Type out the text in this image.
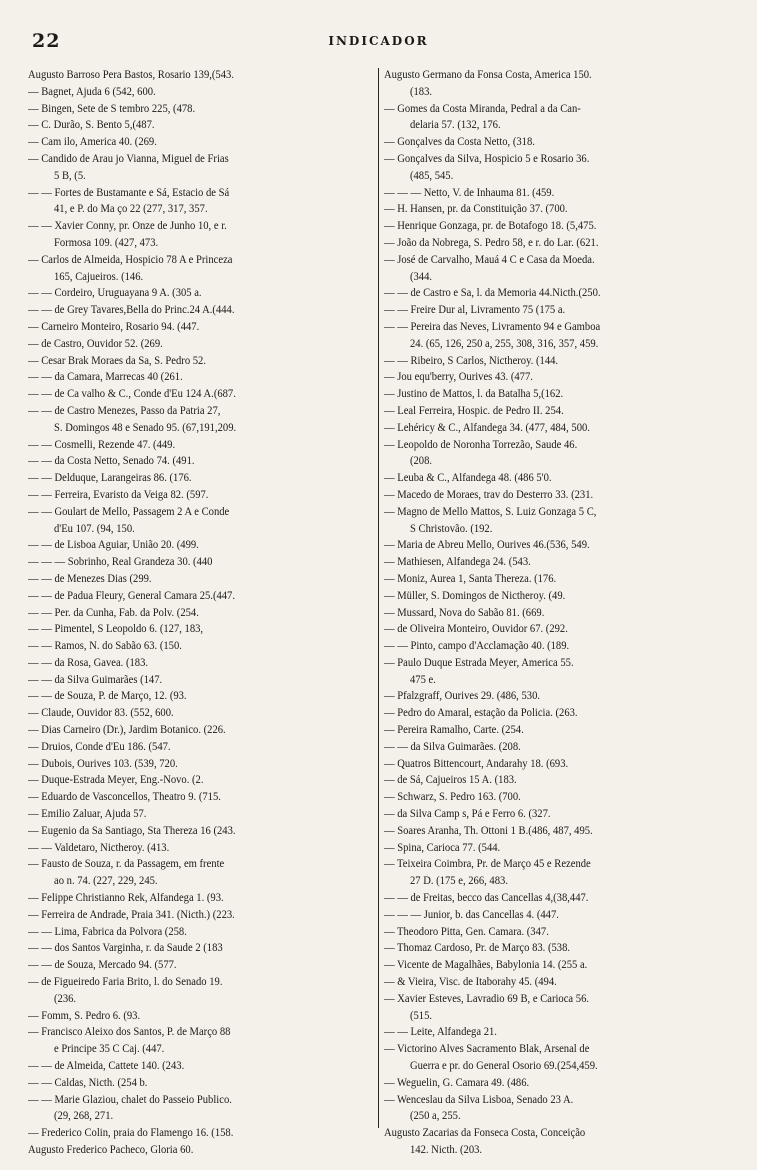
22	INDICADOR
Augusto Barroso Pera Bastos, Rosario 139,(543.
— Bagnet, Ajuda 6 (542, 600.
— Bingen, Sete de S tembro 225, (478.
— C. Durão, S. Bento 5,(487.
— Cam ilo, America 40. (269.
— Candido de Arau jo Vianna, Miguel de Frias
5 B, (5.
— — Fortes de Bustamante e Sá, Estacio de Sá
41, e P. do Ma ço 22 (277, 317, 357.
— — Xavier Conny, pr. Onze de Junho 10, e r.
Formosa 109. (427, 473.
— Carlos de Almeida, Hospicio 78 A e Princeza
165, Cajueiros. (146.
— — Cordeiro, Uruguayana 9 A. (305 a.
— — de Grey Tavares,Bella do Princ.24 A.(444.
— Carneiro Monteiro, Rosario 94. (447.
— de Castro, Ouvidor 52. (269.
— Cesar Brak Moraes da Sa, S. Pedro 52.
— — da Camara, Marrecas 40 (261.
— — de Ca valho & C., Conde d'Eu 124 A.(687.
— — de Castro Menezes, Passo da Patria 27,
S. Domingos 48 e Senado 95. (67,191,209.
— — Cosmelli, Rezende 47. (449.
— — da Costa Netto, Senado 74. (491.
— — Delduque, Larangeiras 86. (176.
— — Ferreira, Evaristo da Veiga 82. (597.
— — Goulart de Mello, Passagem 2 A e Conde
d'Eu 107. (94, 150.
— — de Lisboa Aguiar, União 20. (499.
— — — Sobrinho, Real Grandeza 30. (440
— — de Menezes Dias (299.
— — de Padua Fleury, General Camara 25.(447.
— — Per. da Cunha, Fab. da Polv. (254.
— — Pimentel, S Leopoldo 6. (127, 183,
— — Ramos, N. do Sabão 63. (150.
— — da Rosa, Gavea. (183.
— — da Silva Guimarães (147.
— — de Souza, P. de Março, 12. (93.
— Claude, Ouvidor 83. (552, 600.
— Dias Carneiro (Dr.), Jardim Botanico. (226.
— Druios, Conde d'Eu 186. (547.
— Dubois, Ourives 103. (539, 720.
— Duque-Estrada Meyer, Eng.-Novo. (2.
— Eduardo de Vasconcellos, Theatro 9. (715.
— Emilio Zaluar, Ajuda 57.
— Eugenio da Sa Santiago, Sta Thereza 16 (243.
— — Valdetaro, Nictheroy. (413.
— Fausto de Souza, r. da Passagem, em frente
ao n. 74. (227, 229, 245.
— Felippe Christianno Rek, Alfandega 1. (93.
— Ferreira de Andrade, Praia 341. (Nicth.) (223.
— — Lima, Fabrica da Polvora (258.
— — dos Santos Varginha, r. da Saude 2 (183
— — de Souza, Mercado 94. (577.
— de Figueiredo Faria Brito, l. do Senado 19.
(236.
— Fomm, S. Pedro 6. (93.
— Francisco Aleixo dos Santos, P. de Março 88
e Principe 35 C Caj. (447.
— — de Almeida, Cattete 140. (243.
— — Caldas, Nicth. (254 b.
— — Marie Glaziou, chalet do Passeio Publico.
(29, 268, 271.
— Frederico Colin, praia do Flamengo 16. (158.
Augusto Frederico Pacheco, Gloria 60.
Augusto Germano da Fonsa Costa, America 150.
(183.
— Gomes da Costa Miranda, Pedral a da Can-
delaria 57. (132, 176.
— Gonçalves da Costa Netto, (318.
— Gonçalves da Silva, Hospicio 5 e Rosario 36.
(485, 545.
— — — Netto, V. de Inhauma 81. (459.
— H. Hansen, pr. da Constituição 37. (700.
— Henrique Gonzaga, pr. de Botafogo 18. (5,475.
— João da Nobrega, S. Pedro 58, e r. do Lar. (621.
— José de Carvalho, Mauá 4 C e Casa da Moeda.
(344.
— — de Castro e Sa, l. da Memoria 44.Nicth.(250.
— — Freire Dur al, Livramento 75 (175 a.
— — Pereira das Neves, Livramento 94 e Gamboa
24. (65, 126, 250 a, 255, 308, 316, 357, 459.
— — Ribeiro, S Carlos, Nictheroy. (144.
— Jou equ'berry, Ourives 43. (477.
— Justino de Mattos, l. da Batalha 5,(162.
— Leal Ferreira, Hospic. de Pedro II. 254.
— Lehéricy & C., Alfandega 34. (477, 484, 500.
— Leopoldo de Noronha Torrezão, Saude 46.
(208.
— Leuba & C., Alfandega 48. (486 5'0.
— Macedo de Moraes, trav do Desterro 33. (231.
— Magno de Mello Mattos, S. Luiz Gonzaga 5 C,
S Christovão. (192.
— Maria de Abreu Mello, Ourives 46.(536, 549.
— Mathiesen, Alfandega 24. (543.
— Moniz, Aurea 1, Santa Thereza. (176.
— Müller, S. Domingos de Nictheroy. (49.
— Mussard, Nova do Sabão 81. (669.
— de Oliveira Monteiro, Ouvidor 67. (292.
— — Pinto, campo d'Acclamação 40. (189.
— Paulo Duque Estrada Meyer, America 55.
475 e.
— Pfalzgraff, Ourives 29. (486, 530.
— Pedro do Amaral, estação da Policia. (263.
— Pereira Ramalho, Carte. (254.
— — da Silva Guimarães. (208.
— Quatros Bittencourt, Andarahy 18. (693.
— de Sá, Cajueiros 15 A. (183.
— Schwarz, S. Pedro 163. (700.
— da Silva Camp s, Pá e Ferro 6. (327.
— Soares Aranha, Th. Ottoni 1 B.(486, 487, 495.
— Spina, Carioca 77. (544.
— Teixeira Coimbra, Pr. de Março 45 e Rezende
27 D. (175 e, 266, 483.
— — de Freitas, becco das Cancellas 4,(38,447.
— — — Junior, b. das Cancellas 4. (447.
— Theodoro Pitta, Gen. Camara. (347.
— Thomaz Cardoso, Pr. de Março 83. (538.
— Vicente de Magalhães, Babylonia 14. (255 a.
— & Vieira, Visc. de Itaborahy 45. (494.
— Xavier Esteves, Lavradio 69 B, e Carioca 56.
(515.
— — Leite, Alfandega 21.
— Victorino Alves Sacramento Blak, Arsenal de
Guerra e pr. do General Osorio 69.(254,459.
— Weguelin, G. Camara 49. (486.
— Wenceslau da Silva Lisboa, Senado 23 A.
(250 a, 255.
Augusto Zacarias da Fonseca Costa, Conceição
142. Nicth. (203.
